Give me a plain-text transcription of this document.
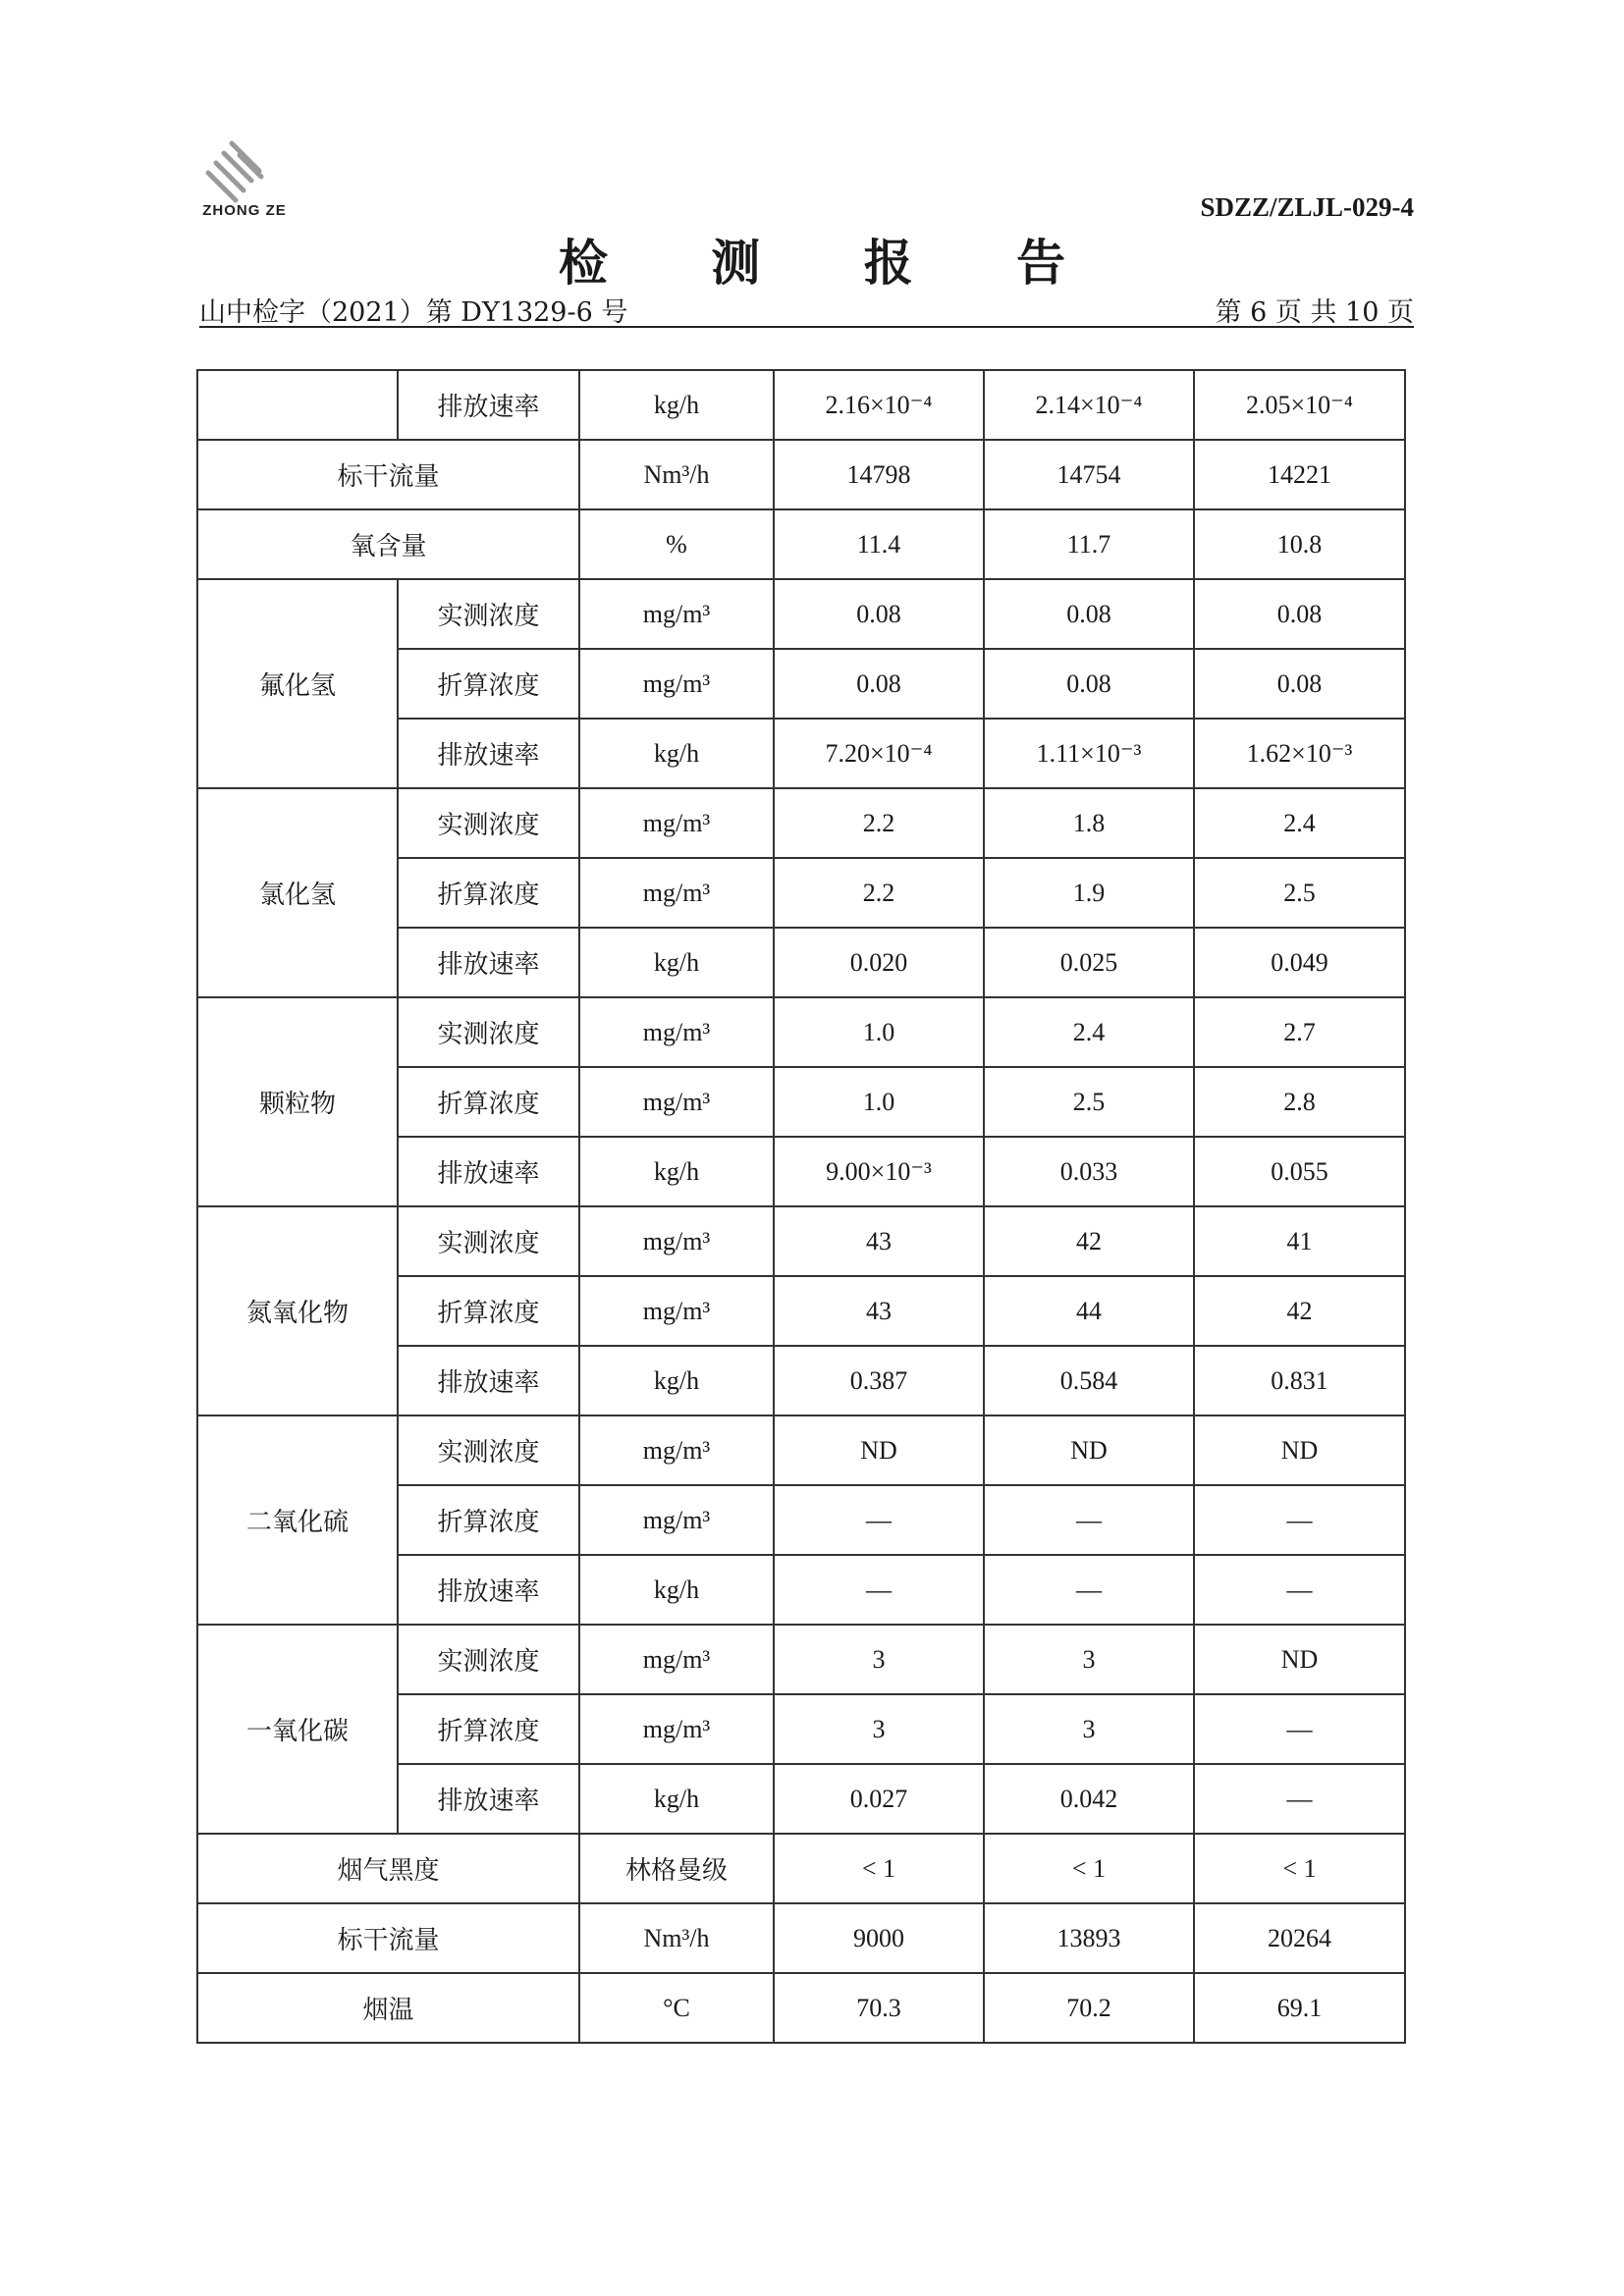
ZHONG ZE	SDZZ/ZLJL-029-4
检 测 报 告
山中检字（2021）第 DY1329-6 号	第 6 页 共 10 页
	排放速率	kg/h	2.16×10⁻⁴	2.14×10⁻⁴	2.05×10⁻⁴
标干流量		Nm³/h	14798	14754	14221
氧含量		%	11.4	11.7	10.8
氟化氢	实测浓度	mg/m³	0.08	0.08	0.08
	折算浓度	mg/m³	0.08	0.08	0.08
	排放速率	kg/h	7.20×10⁻⁴	1.11×10⁻³	1.62×10⁻³
氯化氢	实测浓度	mg/m³	2.2	1.8	2.4
	折算浓度	mg/m³	2.2	1.9	2.5
	排放速率	kg/h	0.020	0.025	0.049
颗粒物	实测浓度	mg/m³	1.0	2.4	2.7
	折算浓度	mg/m³	1.0	2.5	2.8
	排放速率	kg/h	9.00×10⁻³	0.033	0.055
氮氧化物	实测浓度	mg/m³	43	42	41
	折算浓度	mg/m³	43	44	42
	排放速率	kg/h	0.387	0.584	0.831
二氧化硫	实测浓度	mg/m³	ND	ND	ND
	折算浓度	mg/m³	—	—	—
	排放速率	kg/h	—	—	—
一氧化碳	实测浓度	mg/m³	3	3	ND
	折算浓度	mg/m³	3	3	—
	排放速率	kg/h	0.027	0.042	—
烟气黑度		林格曼级	< 1	< 1	< 1
标干流量		Nm³/h	9000	13893	20264
烟温		°C	70.3	70.2	69.1
